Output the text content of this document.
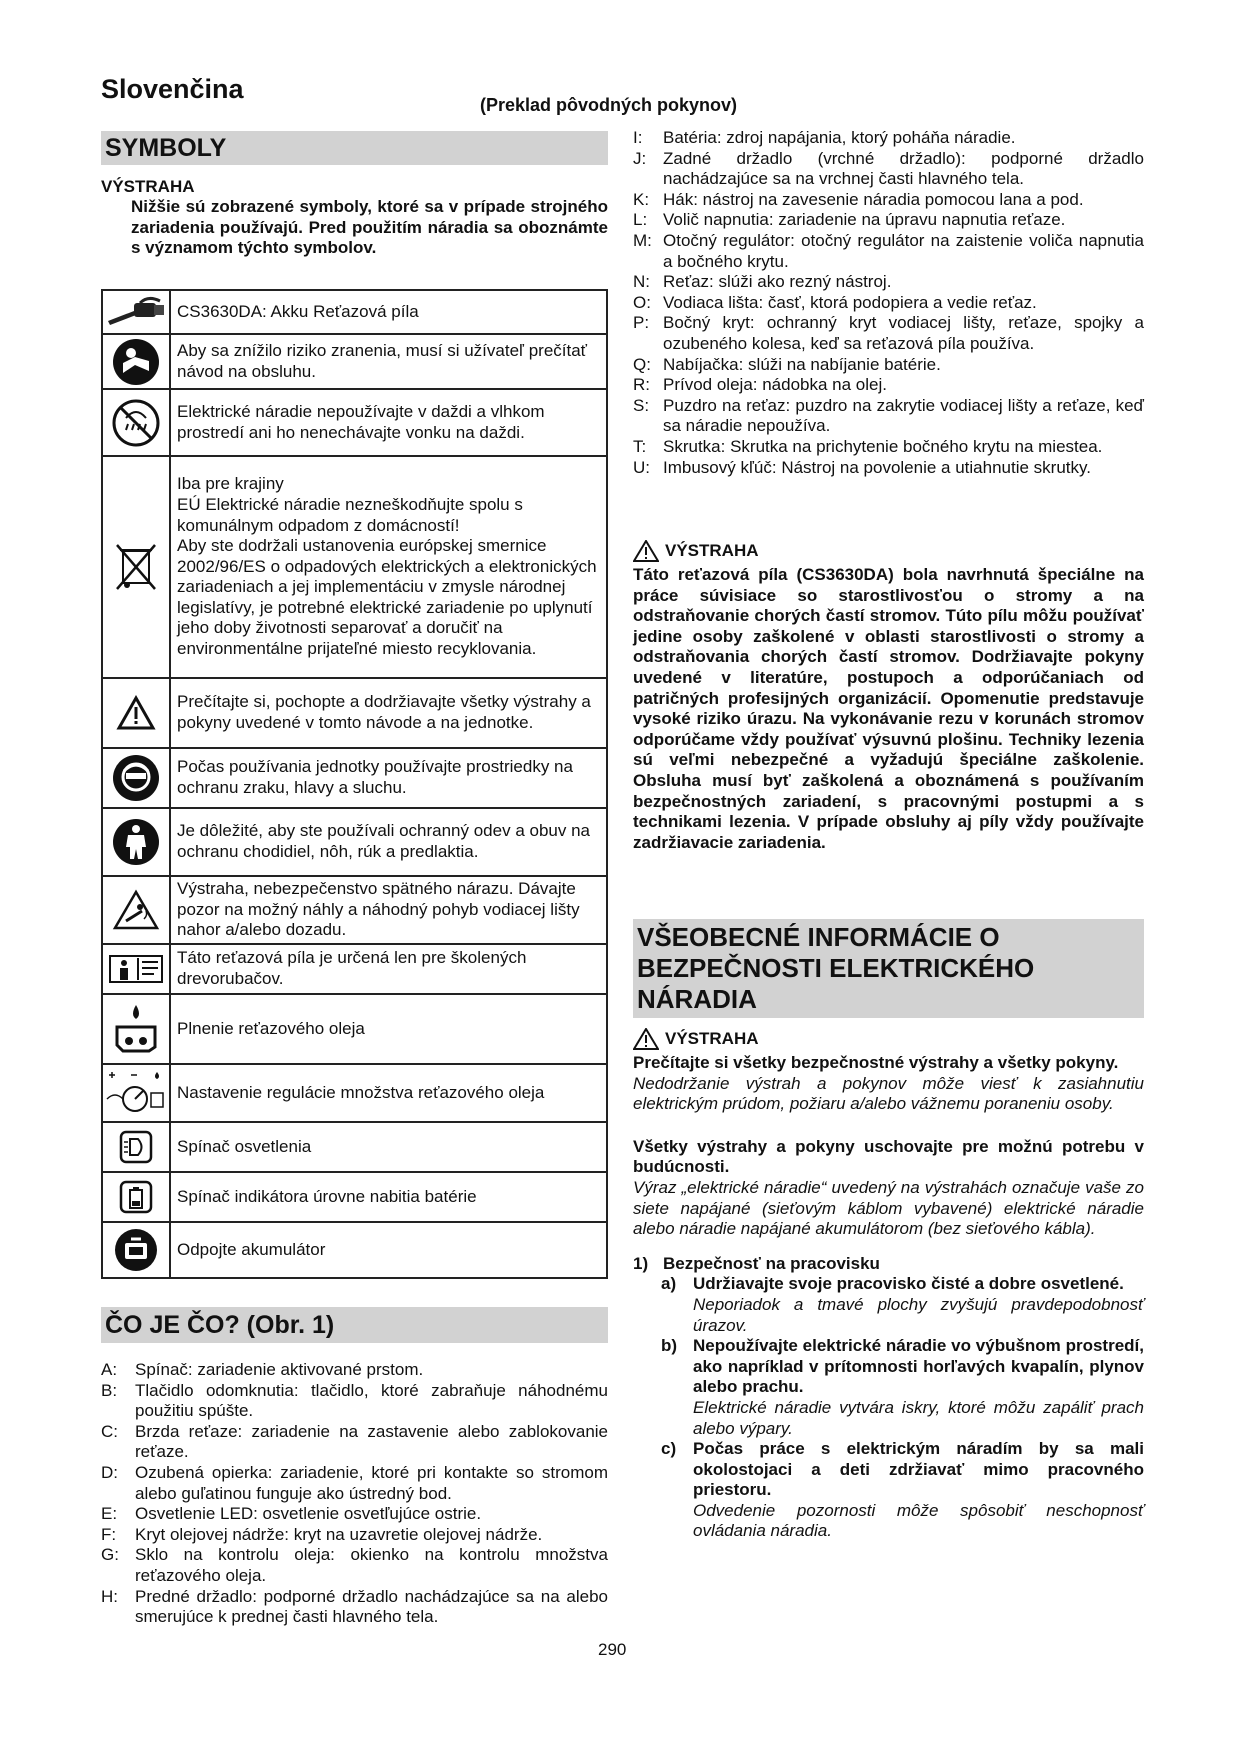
Slovenčina
(Preklad pôvodných pokynov)
SYMBOLY
VÝSTRAHA
Nižšie sú zobrazené symboly, ktoré sa v prípade strojného zariadenia používajú. Pred použitím náradia sa oboznámte s významom týchto symbolov.
	CS3630DA: Akku Reťazová píla

	Aby sa znížilo riziko zranenia, musí si užívateľ prečítať návod na obsluhu.

	Elektrické náradie nepoužívajte v daždi a vlhkom prostredí ani ho nenechávajte vonku na daždi.

	Iba pre krajiny
EÚ Elektrické náradie nezneškodňujte spolu s komunálnym odpadom z domácností!
Aby ste dodržali ustanovenia európskej smernice 2002/96/ES o odpadových elektrických a elektronických zariadeniach a jej implementáciu v zmysle národnej legislatívy, je potrebné elektrické zariadenie po uplynutí jeho doby životnosti separovať a doručiť na environmentálne prijateľné miesto recyklovania.

	Prečítajte si, pochopte a dodržiavajte všetky výstrahy a pokyny uvedené v tomto návode a na jednotke.

	Počas používania jednotky používajte prostriedky na ochranu zraku, hlavy a sluchu.

	Je dôležité, aby ste používali ochranný odev a obuv na ochranu chodidiel, nôh, rúk a predlaktia.

	Výstraha, nebezpečenstvo spätného nárazu. Dávajte pozor na možný náhly a náhodný pohyb vodiacej lišty nahor a/alebo dozadu.

	Táto reťazová píla je určená len pre školených drevorubačov.

	Plnenie reťazového oleja

	Nastavenie regulácie množstva reťazového oleja

	Spínač osvetlenia

	Spínač indikátora úrovne nabitia batérie

	Odpojte akumulátor
ČO JE ČO? (Obr. 1)
A: Spínač: zariadenie aktivované prstom.
B: Tlačidlo odomknutia: tlačidlo, ktoré zabraňuje náhodnému použitiu spúšte.
C: Brzda reťaze: zariadenie na zastavenie alebo zablokovanie reťaze.
D: Ozubená opierka: zariadenie, ktoré pri kontakte so stromom alebo guľatinou funguje ako ústredný bod.
E: Osvetlenie LED: osvetlenie osvetľujúce ostrie.
F: Kryt olejovej nádrže: kryt na uzavretie olejovej nádrže.
G: Sklo na kontrolu oleja: okienko na kontrolu množstva reťazového oleja.
H: Predné držadlo: podporné držadlo nachádzajúce sa na alebo smerujúce k prednej časti hlavného tela.
I: Batéria: zdroj napájania, ktorý poháňa náradie.
J: Zadné držadlo (vrchné držadlo): podporné držadlo nachádzajúce sa na vrchnej časti hlavného tela.
K: Hák: nástroj na zavesenie náradia pomocou lana a pod.
L: Volič napnutia: zariadenie na úpravu napnutia reťaze.
M: Otočný regulátor: otočný regulátor na zaistenie voliča napnutia a bočného krytu.
N: Reťaz: slúži ako rezný nástroj.
O: Vodiaca lišta: časť, ktorá podopiera a vedie reťaz.
P: Bočný kryt: ochranný kryt vodiacej lišty, reťaze, spojky a ozubeného kolesa, keď sa reťazová píla používa.
Q: Nabíjačka: slúži na nabíjanie batérie.
R: Prívod oleja: nádobka na olej.
S: Puzdro na reťaz: puzdro na zakrytie vodiacej lišty a reťaze, keď sa náradie nepoužíva.
T: Skrutka: Skrutka na prichytenie bočného krytu na miestea.
U: Imbusový kľúč: Nástroj na povolenie a utiahnutie skrutky.
VÝSTRAHA
Táto reťazová píla (CS3630DA) bola navrhnutá špeciálne na práce súvisiace so starostlivosťou o stromy a na odstraňovanie chorých častí stromov. Túto pílu môžu používať jedine osoby zaškolené v oblasti starostlivosti o stromy a odstraňovania chorých častí stromov. Dodržiavajte pokyny uvedené v literatúre, postupoch a odporúčaniach od patričných profesijných organizácií. Opomenutie predstavuje vysoké riziko úrazu. Na vykonávanie rezu v korunách stromov odporúčame vždy používať výsuvnú plošinu. Techniky lezenia sú veľmi nebezpečné a vyžadujú špeciálne zaškolenie. Obsluha musí byť zaškolená a oboznámená s používaním bezpečnostných zariadení, s pracovnými postupmi a s technikami lezenia. V prípade obsluhy aj píly vždy používajte zadržiavacie zariadenia.
VŠEOBECNÉ INFORMÁCIE O BEZPEČNOSTI ELEKTRICKÉHO NÁRADIA
VÝSTRAHA
Prečítajte si všetky bezpečnostné výstrahy a všetky pokyny.
Nedodržanie výstrah a pokynov môže viesť k zasiahnutiu elektrickým prúdom, požiaru a/alebo vážnemu poraneniu osoby.
Všetky výstrahy a pokyny uschovajte pre možnú potrebu v budúcnosti.
Výraz „elektrické náradie“ uvedený na výstrahách označuje vaše zo siete napájané (sieťovým káblom vybavené) elektrické náradie alebo náradie napájané akumulátorom (bez sieťového kábla).
1) Bezpečnosť na pracovisku
a) Udržiavajte svoje pracovisko čisté a dobre osvetlené.
Neporiadok a tmavé plochy zvyšujú pravdepodobnosť úrazov.
b) Nepoužívajte elektrické náradie vo výbušnom prostredí, ako napríklad v prítomnosti horľavých kvapalín, plynov alebo prachu.
Elektrické náradie vytvára iskry, ktoré môžu zapáliť prach alebo výpary.
c) Počas práce s elektrickým náradím by sa mali okolostojaci a deti zdržiavať mimo pracovného priestoru.
Odvedenie pozornosti môže spôsobiť neschopnosť ovládania náradia.
290
